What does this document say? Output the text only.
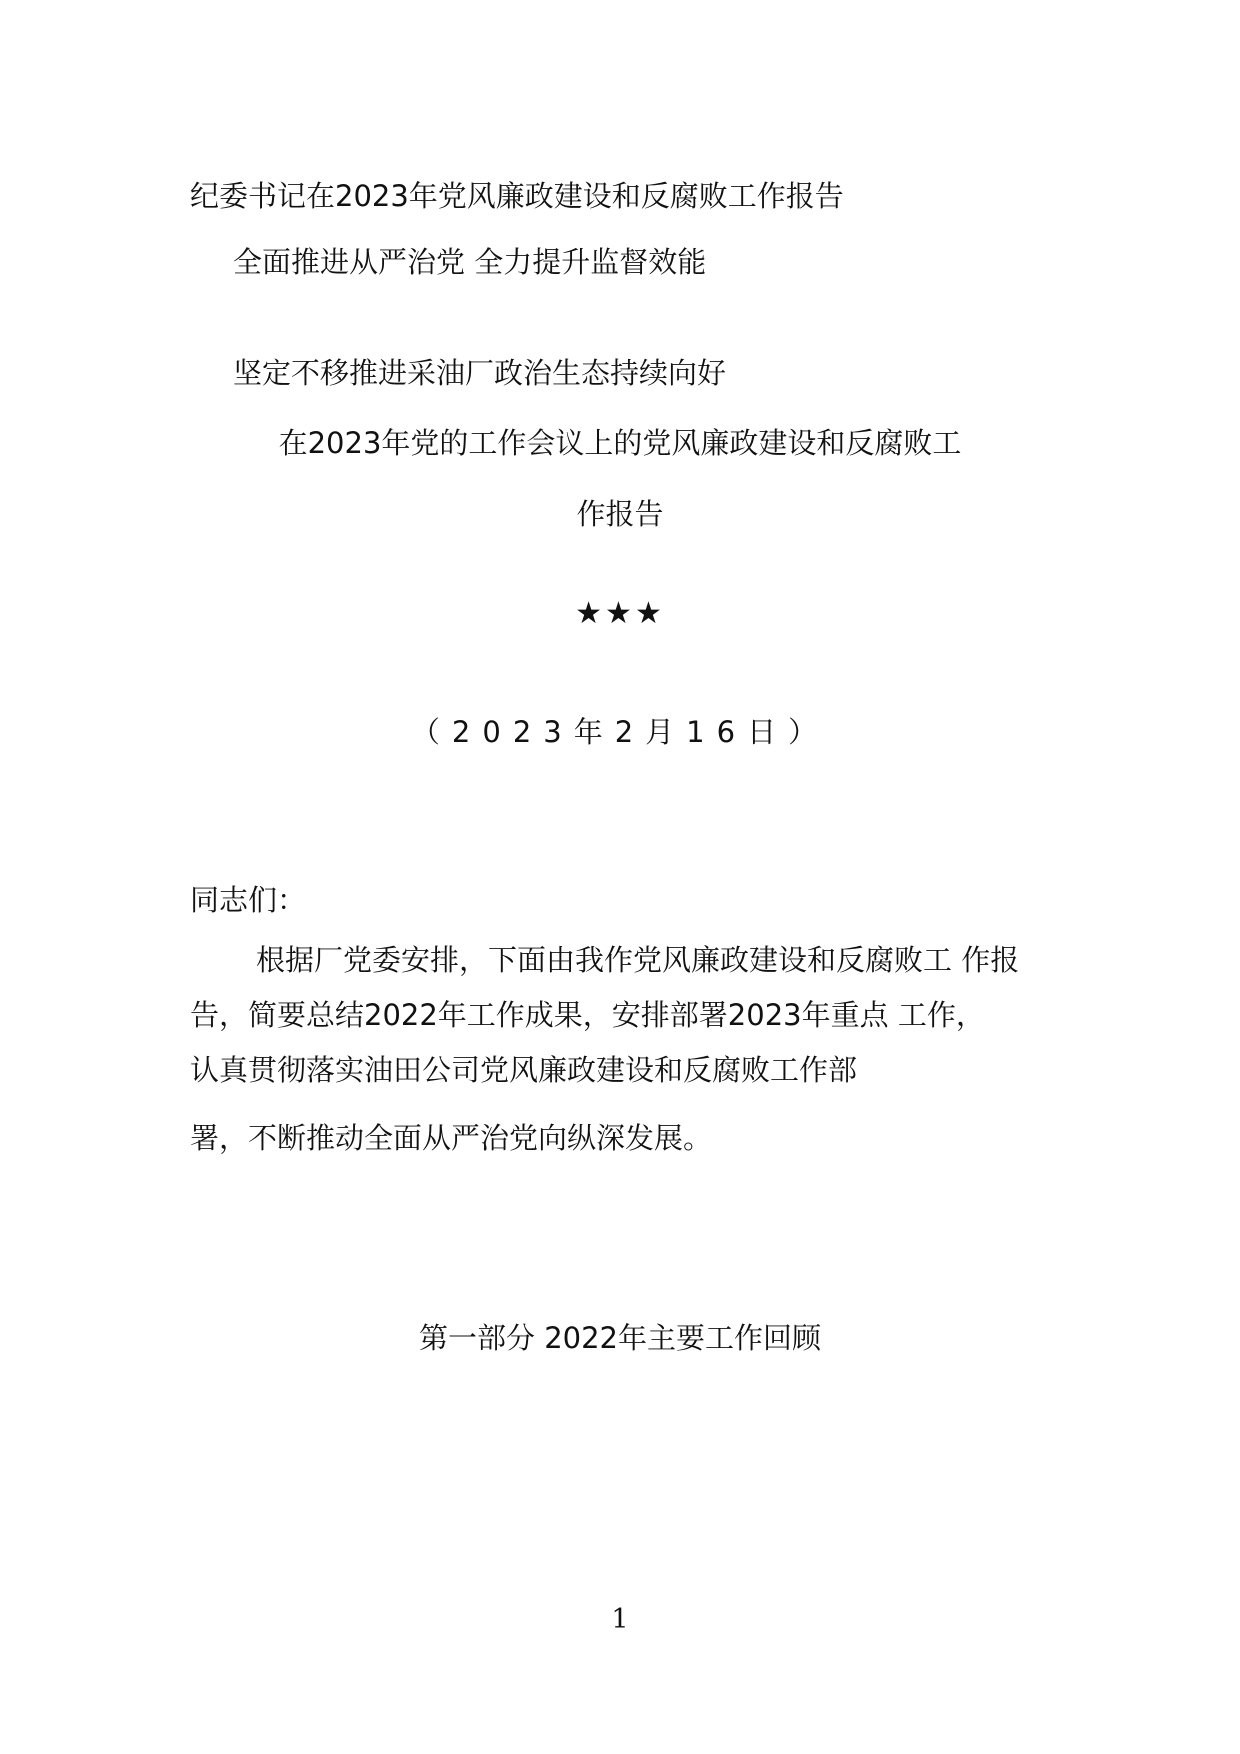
纪委书记在2023年党风廉政建设和反腐败工作报告
全面推进从严治党 全力提升监督效能
坚定不移推进采油厂政治生态持续向好
在2023年党的工作会议上的党风廉政建设和反腐败工
作报告
★★★
（2023年2月16日）
同志们：
根据厂党委安排，下面由我作党风廉政建设和反腐败工 作报
告，简要总结2022年工作成果，安排部署2023年重点 工作，
认真贯彻落实油田公司党风廉政建设和反腐败工作部
署，不断推动全面从严治党向纵深发展。
第一部分 2022年主要工作回顾
1
